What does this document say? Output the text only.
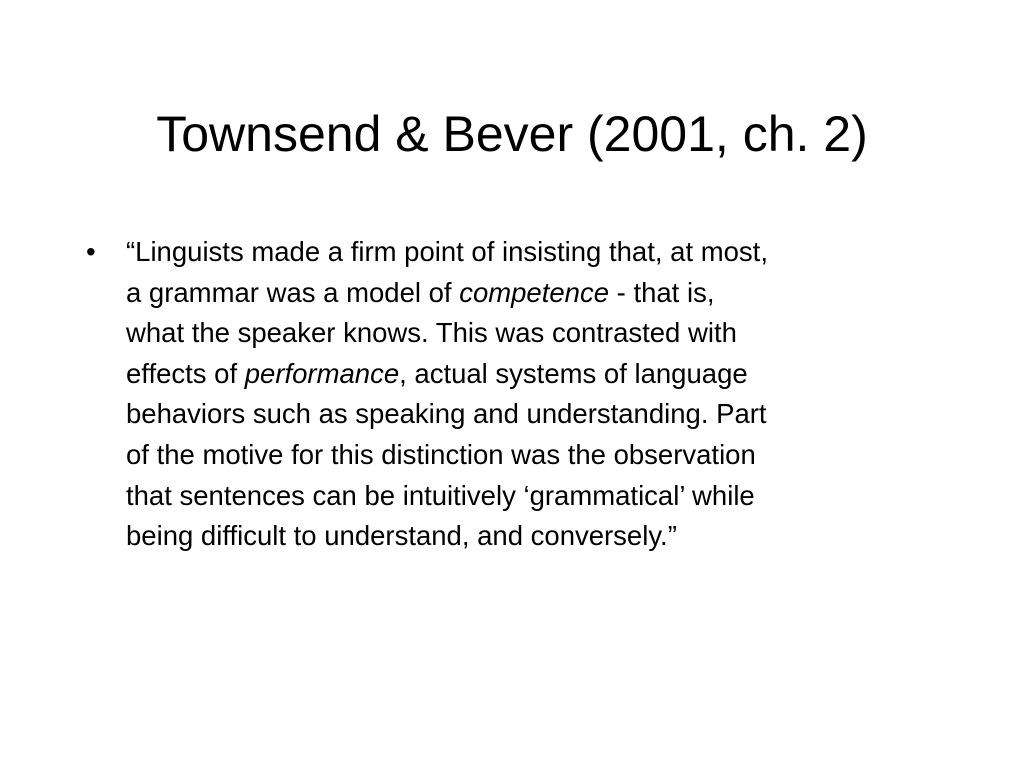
Townsend & Bever (2001, ch. 2)
• “Linguists made a firm point of insisting that, at most,
a grammar was a model of competence - that is,
what the speaker knows. This was contrasted with
effects of performance, actual systems of language
behaviors such as speaking and understanding. Part
of the motive for this distinction was the observation
that sentences can be intuitively ‘grammatical’ while
being difficult to understand, and conversely.”
